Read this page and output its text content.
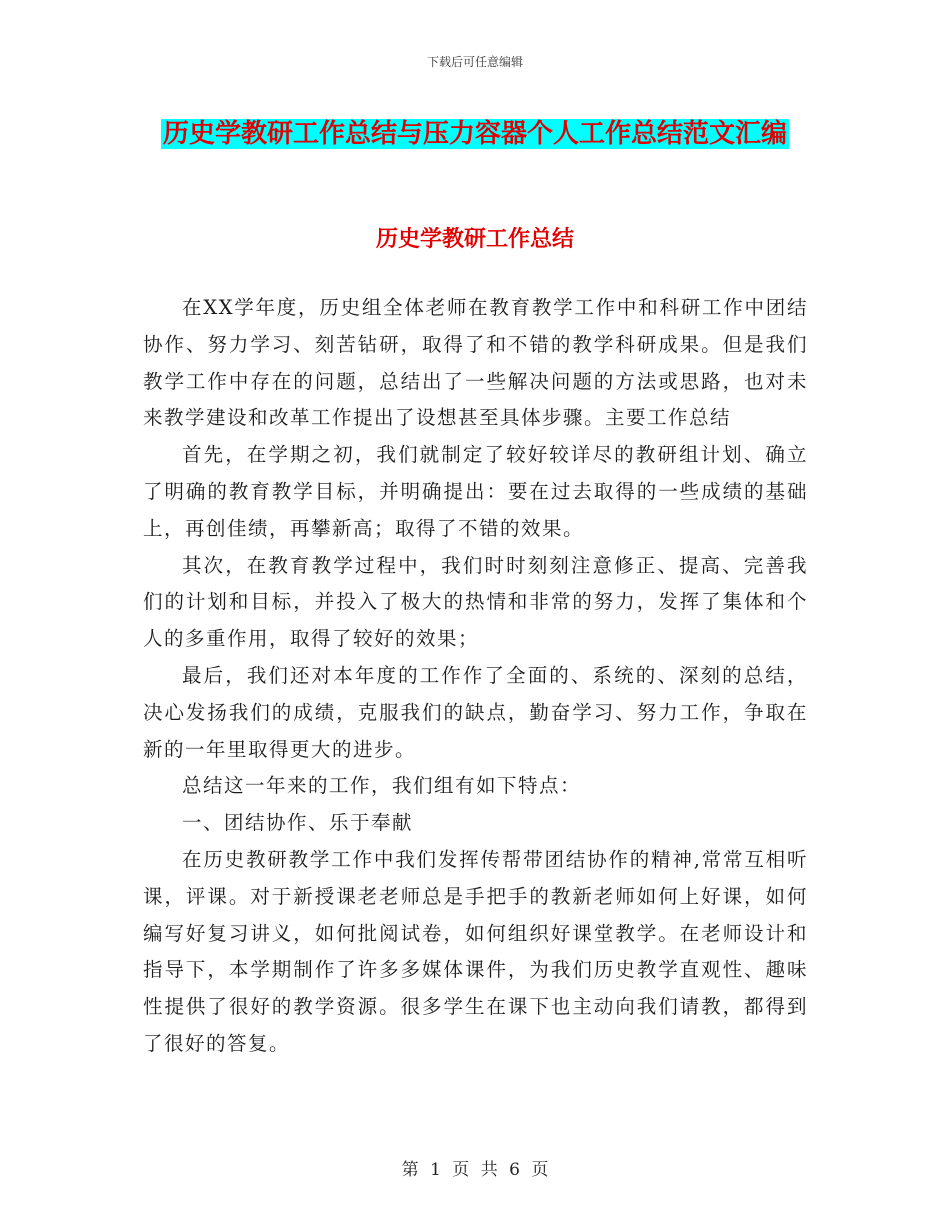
下载后可任意编辑
历史学教研工作总结与压力容器个人工作总结范文汇编
历史学教研工作总结

在XX学年度，历史组全体老师在教育教学工作中和科研工作中团结协作、努力学习、刻苦钻研，取得了和不错的教学科研成果。但是我们教学工作中存在的问题，总结出了一些解决问题的方法或思路，也对未来教学建设和改革工作提出了设想甚至具体步骤。主要工作总结

首先，在学期之初，我们就制定了较好较详尽的教研组计划、确立了明确的教育教学目标，并明确提出：要在过去取得的一些成绩的基础上，再创佳绩，再攀新高；取得了不错的效果。

其次，在教育教学过程中，我们时时刻刻注意修正、提高、完善我们的计划和目标，并投入了极大的热情和非常的努力，发挥了集体和个人的多重作用，取得了较好的效果；

最后，我们还对本年度的工作作了全面的、系统的、深刻的总结，决心发扬我们的成绩，克服我们的缺点，勤奋学习、努力工作，争取在新的一年里取得更大的进步。

总结这一年来的工作，我们组有如下特点：

一、团结协作、乐于奉献

在历史教研教学工作中我们发挥传帮带团结协作的精神,常常互相听课，评课。对于新授课老老师总是手把手的教新老师如何上好课，如何编写好复习讲义，如何批阅试卷，如何组织好课堂教学。在老师设计和指导下，本学期制作了许多多媒体课件，为我们历史教学直观性、趣味性提供了很好的教学资源。很多学生在课下也主动向我们请教，都得到了很好的答复。

第 1 页 共 6 页
